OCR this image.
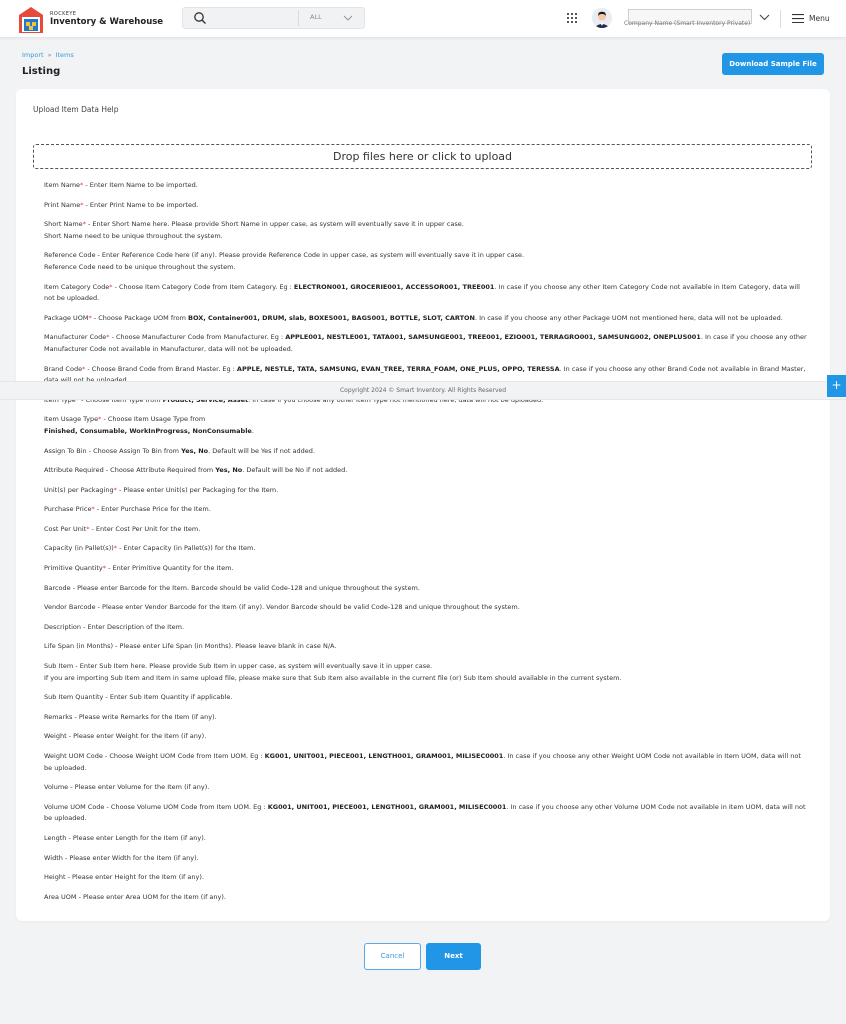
ROCKEYE
Inventory & Warehouse	ALL
Company Name (Smart Inventory Private)
Menu
Import » Items
Listing
Download Sample File
Upload Item Data Help
Drop files here or click to upload
Item Name* - Enter Item Name to be imported.
Print Name* - Enter Print Name to be imported.
Short Name* - Enter Short Name here. Please provide Short Name in upper case, as system will eventually save it in upper case.
Short Name need to be unique throughout the system.
Reference Code - Enter Reference Code here (if any). Please provide Reference Code in upper case, as system will eventually save it in upper case.
Reference Code need to be unique throughout the system.
Item Category Code* - Choose Item Category Code from Item Category. Eg : ELECTRON001, GROCERIE001, ACCESSOR001, TREE001. In case if you choose any other Item Category Code not available in Item Category, data will not be uploaded.
Package UOM* - Choose Package UOM from BOX, Container001, DRUM, slab, BOXES001, BAGS001, BOTTLE, SLOT, CARTON. In case if you choose any other Package UOM not mentioned here, data will not be uploaded.
Manufacturer Code* - Choose Manufacturer Code from Manufacturer. Eg : APPLE001, NESTLE001, TATA001, SAMSUNGE001, TREE001, EZIO001, TERRAGRO001, SAMSUNG002, ONEPLUS001. In case if you choose any other Manufacturer Code not available in Manufacturer, data will not be uploaded.
Brand Code* - Choose Brand Code from Brand Master. Eg : APPLE, NESTLE, TATA, SAMSUNG, EVAN_TREE, TERRA_FOAM, ONE_PLUS, OPPO, TERESSA. In case if you choose any other Brand Code not available in Brand Master,
Item Usage Type* - Choose Item Usage Type from
Finished, Consumable, WorkInProgress, NonConsumable.
Assign To Bin - Choose Assign To Bin from Yes, No. Default will be Yes if not added.
Attribute Required - Choose Attribute Required from Yes, No. Default will be No if not added.
Unit(s) per Packaging* - Please enter Unit(s) per Packaging for the Item.
Purchase Price* - Enter Purchase Price for the Item.
Cost Per Unit* - Enter Cost Per Unit for the Item.
Capacity (in Pallet(s))* - Enter Capacity (in Pallet(s)) for the Item.
Primitive Quantity* - Enter Primitive Quantity for the Item.
Barcode - Please enter Barcode for the Item. Barcode should be valid Code-128 and unique throughout the system.
Vendor Barcode - Please enter Vendor Barcode for the Item (if any). Vendor Barcode should be valid Code-128 and unique throughout the system.
Description - Enter Description of the Item.
Life Span (in Months) - Please enter Life Span (in Months). Please leave blank in case N/A.
Sub Item - Enter Sub Item here. Please provide Sub Item in upper case, as system will eventually save it in upper case.
If you are importing Sub Item and Item in same upload file, please make sure that Sub Item also available in the current file (or) Sub Item should available in the current system.
Sub Item Quantity - Enter Sub Item Quantity if applicable.
Remarks - Please write Remarks for the Item (if any).
Weight - Please enter Weight for the Item (if any).
Weight UOM Code - Choose Weight UOM Code from Item UOM. Eg : KG001, UNIT001, PIECE001, LENGTH001, GRAM001, MILISEC0001. In case if you choose any other Weight UOM Code not available in Item UOM, data will not be uploaded.
Volume - Please enter Volume for the Item (if any).
Volume UOM Code - Choose Volume UOM Code from Item UOM. Eg : KG001, UNIT001, PIECE001, LENGTH001, GRAM001, MILISEC0001. In case if you choose any other Volume UOM Code not available in Item UOM, data will not be uploaded.
Length - Please enter Length for the Item (if any).
Width - Please enter Width for the Item (if any).
Height - Please enter Height for the Item (if any).
Area UOM - Please enter Area UOM for the Item (if any).
Copyright 2024 © Smart Inventory. All Rights Reserved	+
Cancel	Next
